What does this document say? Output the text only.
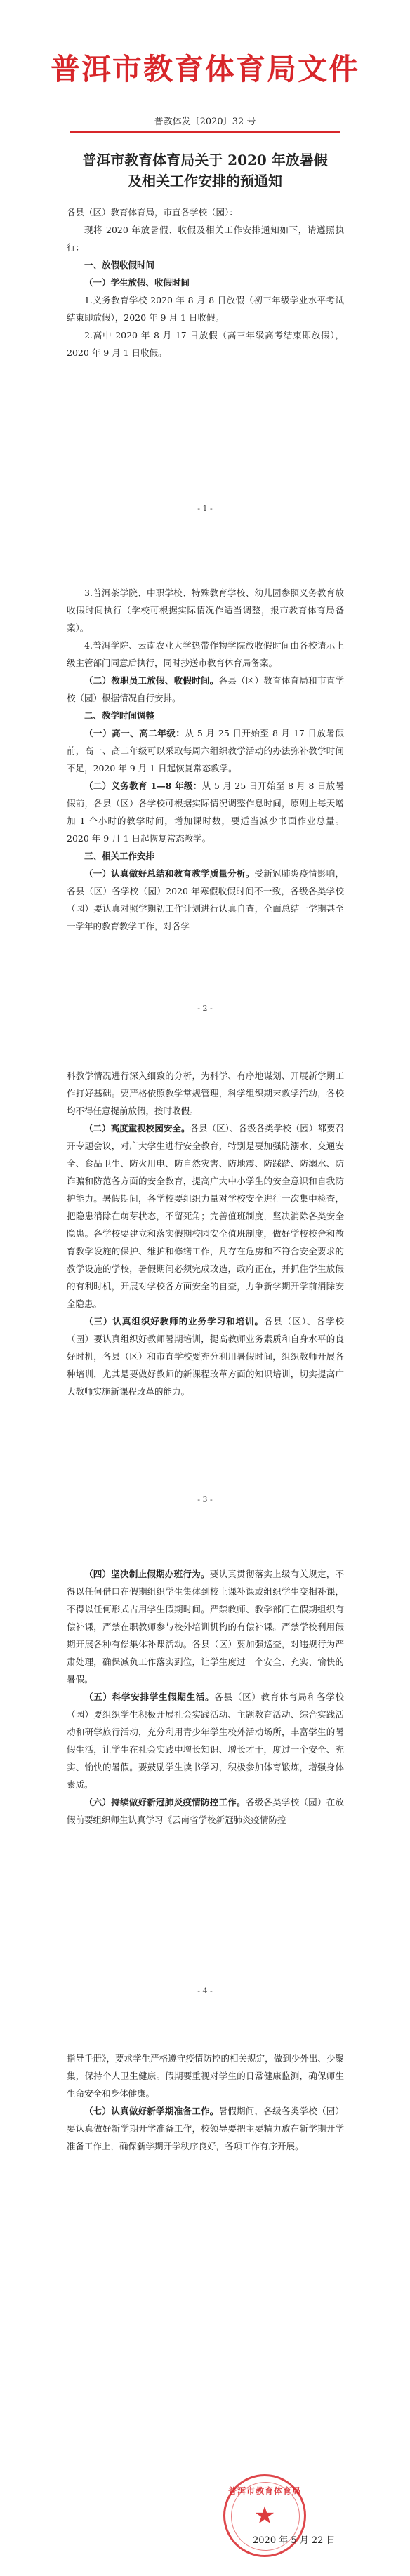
普洱市教育体育局文件
普教体发〔2020〕32 号
普洱市教育体育局关于 2020 年放暑假
及相关工作安排的预通知

各县（区）教育体育局，市直各学校（园）：

现将 2020 年放暑假、收假及相关工作安排通知如下，请遵照执行：

一、放假收假时间

（一）学生放假、收假时间

1.义务教育学校 2020 年 8 月 8 日放假（初三年级学业水平考试结束即放假），2020 年 9 月 1 日收假。

2.高中 2020 年 8 月 17 日放假（高三年级高考结束即放假），2020 年 9 月 1 日收假。

- 1 -

3.普洱茶学院、中职学校、特殊教育学校、幼儿园参照义务教育放收假时间执行（学校可根据实际情况作适当调整，报市教育体育局备案）。

4.普洱学院、云南农业大学热带作物学院放收假时间由各校请示上级主管部门同意后执行，同时抄送市教育体育局备案。

（二）教职员工放假、收假时间。各县（区）教育体育局和市直学校（园）根据情况自行安排。

二、教学时间调整

（一）高一、高二年级：从 5 月 25 日开始至 8 月 17 日放暑假前，高一、高二年级可以采取每周六组织教学活动的办法弥补教学时间不足，2020 年 9 月 1 日起恢复常态教学。

（二）义务教育 1—8 年级：从 5 月 25 日开始至 8 月 8 日放暑假前，各县（区）各学校可根据实际情况调整作息时间，原则上每天增加 1 个小时的教学时间，增加课时数，要适当减少书面作业总量。2020 年 9 月 1 日起恢复常态教学。

三、相关工作安排

（一）认真做好总结和教育教学质量分析。受新冠肺炎疫情影响，各县（区）各学校（园）2020 年寒假收假时间不一致，各级各类学校（园）要认真对照学期初工作计划进行认真自查，全面总结一学期甚至一学年的教育教学工作，对各学

- 2 -

科教学情况进行深入细致的分析，为科学、有序地谋划、开展新学期工作打好基础。要严格依照教学常规管理，科学组织期末教学活动，各校均不得任意提前放假，按时收假。

（二）高度重视校园安全。各县（区）、各级各类学校（园）都要召开专题会议，对广大学生进行安全教育，特别是要加强防溺水、交通安全、食品卫生、防火用电、防自然灾害、防地震、防踩踏、防溺水、防诈骗和防范各方面的安全教育，提高广大中小学生的安全意识和自我防护能力。暑假期间，各学校要组织力量对学校安全进行一次集中检查，把隐患消除在萌芽状态，不留死角；完善值班制度，坚决消除各类安全隐患。各学校要建立和落实假期校园安全值班制度，做好学校校舍和教育教学设施的保护、维护和修缮工作，凡存在危房和不符合安全要求的教学设施的学校，暑假期间必须完成改造，政府正在，并抓住学生放假的有利时机，开展对学校各方面安全的自查，力争新学期开学前消除安全隐患。

（三）认真组织好教师的业务学习和培训。各县（区）、各学校（园）要认真组织好教师暑期培训，提高教师业务素质和自身水平的良好时机，各县（区）和市直学校要充分利用暑假时间，组织教师开展各种培训，尤其是要做好教师的新课程改革方面的知识培训，切实提高广大教师实施新课程改革的能力。

- 3 -

（四）坚决制止假期办班行为。要认真贯彻落实上级有关规定，不得以任何借口在假期组织学生集体到校上课补课或组织学生变相补课，不得以任何形式占用学生假期时间。严禁教师、教学部门在假期组织有偿补课，严禁在职教师参与校外培训机构的有偿补课。严禁学校利用假期开展各种有偿集体补课活动。各县（区）要加强巡查，对违规行为严肃处理，确保减负工作落实到位，让学生度过一个安全、充实、愉快的暑假。

（五）科学安排学生假期生活。各县（区）教育体育局和各学校（园）要组织学生积极开展社会实践活动、主题教育活动、综合实践活动和研学旅行活动，充分利用青少年学生校外活动场所，丰富学生的暑假生活，让学生在社会实践中增长知识、增长才干，度过一个安全、充实、愉快的暑假。要鼓励学生读书学习，积极参加体育锻炼，增强身体素质。

（六）持续做好新冠肺炎疫情防控工作。各级各类学校（园）在放假前要组织师生认真学习《云南省学校新冠肺炎疫情防控

- 4 -

指导手册》，要求学生严格遵守疫情防控的相关规定，做到少外出、少聚集，保持个人卫生健康。假期要重视对学生的日常健康监测，确保师生生命安全和身体健康。

（七）认真做好新学期准备工作。暑假期间，各级各类学校（园）要认真做好新学期开学准备工作，校领导要把主要精力放在新学期开学准备工作上，确保新学期开学秩序良好，各项工作有序开展。

普洱市教育体育局
★
2020 年 5 月 22 日
